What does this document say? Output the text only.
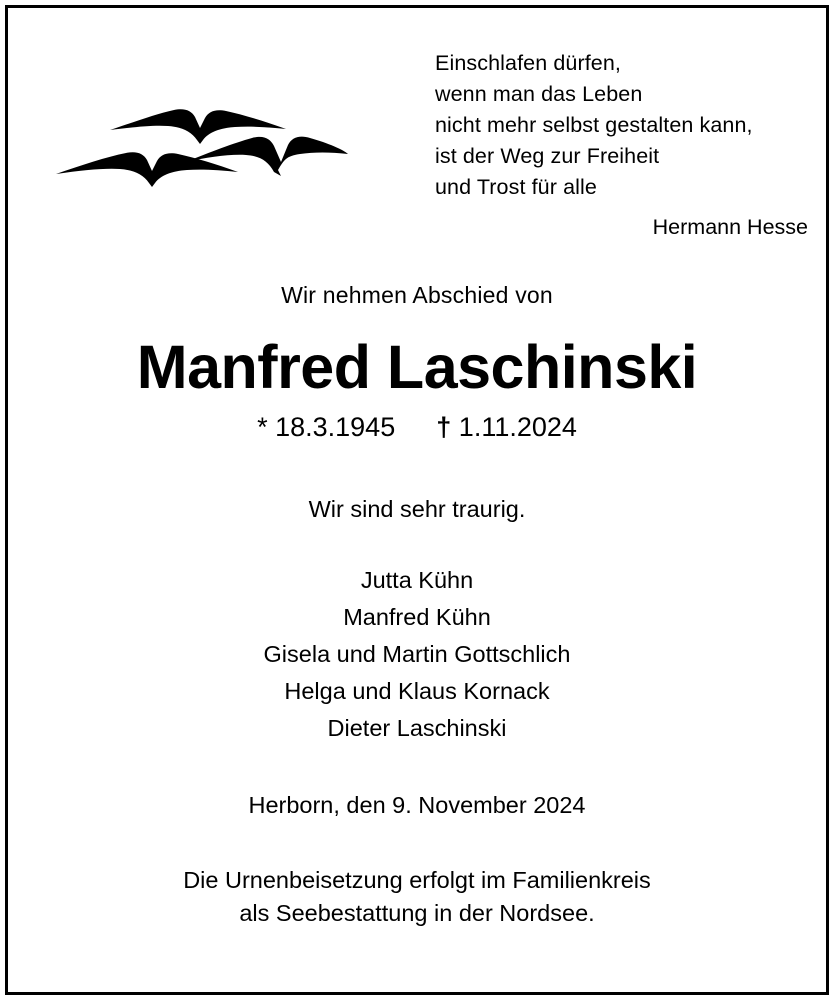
Einschlafen dürfen,
wenn man das Leben
nicht mehr selbst gestalten kann,
ist der Weg zur Freiheit
und Trost für alle
Hermann Hesse
Wir nehmen Abschied von
Manfred Laschinski
* 18.3.1945 † 1.11.2024
Wir sind sehr traurig.
Jutta Kühn
Manfred Kühn
Gisela und Martin Gottschlich
Helga und Klaus Kornack
Dieter Laschinski
Herborn, den 9. November 2024
Die Urnenbeisetzung erfolgt im Familienkreis
als Seebestattung in der Nordsee.
